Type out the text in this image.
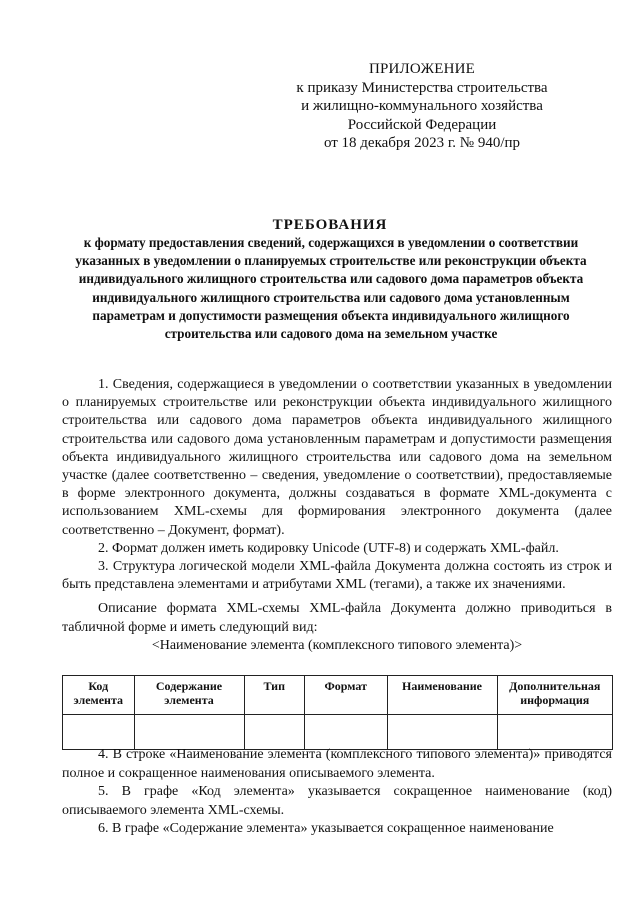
ПРИЛОЖЕНИЕ
к приказу Министерства строительства
и жилищно-коммунального хозяйства
Российской Федерации
от 18 декабря 2023 г. № 940/пр
ТРЕБОВАНИЯ
к формату предоставления сведений, содержащихся в уведомлении о соответствии указанных в уведомлении о планируемых строительстве или реконструкции объекта индивидуального жилищного строительства или садового дома параметров объекта индивидуального жилищного строительства или садового дома установленным параметрам и допустимости размещения объекта индивидуального жилищного строительства или садового дома на земельном участке

1. Сведения, содержащиеся в уведомлении о соответствии указанных в уведомлении о планируемых строительстве или реконструкции объекта индивидуального жилищного строительства или садового дома параметров объекта индивидуального жилищного строительства или садового дома установленным параметрам и допустимости размещения объекта индивидуального жилищного строительства или садового дома на земельном участке (далее соответственно – сведения, уведомление о соответствии), предоставляемые в форме электронного документа, должны создаваться в формате XML-документа с использованием XML-схемы для формирования электронного документа (далее соответственно – Документ, формат).

2. Формат должен иметь кодировку Unicode (UTF-8) и содержать XML-файл.

3. Структура логической модели XML-файла Документа должна состоять из строк и быть представлена элементами и атрибутами XML (тегами), а также их значениями.

Описание формата XML-схемы XML-файла Документа должно приводиться в табличной форме и иметь следующий вид:

<Наименование элемента (комплексного типового элемента)>

Код элемента	Содержание элемента	Тип	Формат	Наименование	Дополнительная информация

4. В строке «Наименование элемента (комплексного типового элемента)» приводятся полное и сокращенное наименования описываемого элемента.

5. В графе «Код элемента» указывается сокращенное наименование (код) описываемого элемента XML-схемы.

6. В графе «Содержание элемента» указывается сокращенное наименование
